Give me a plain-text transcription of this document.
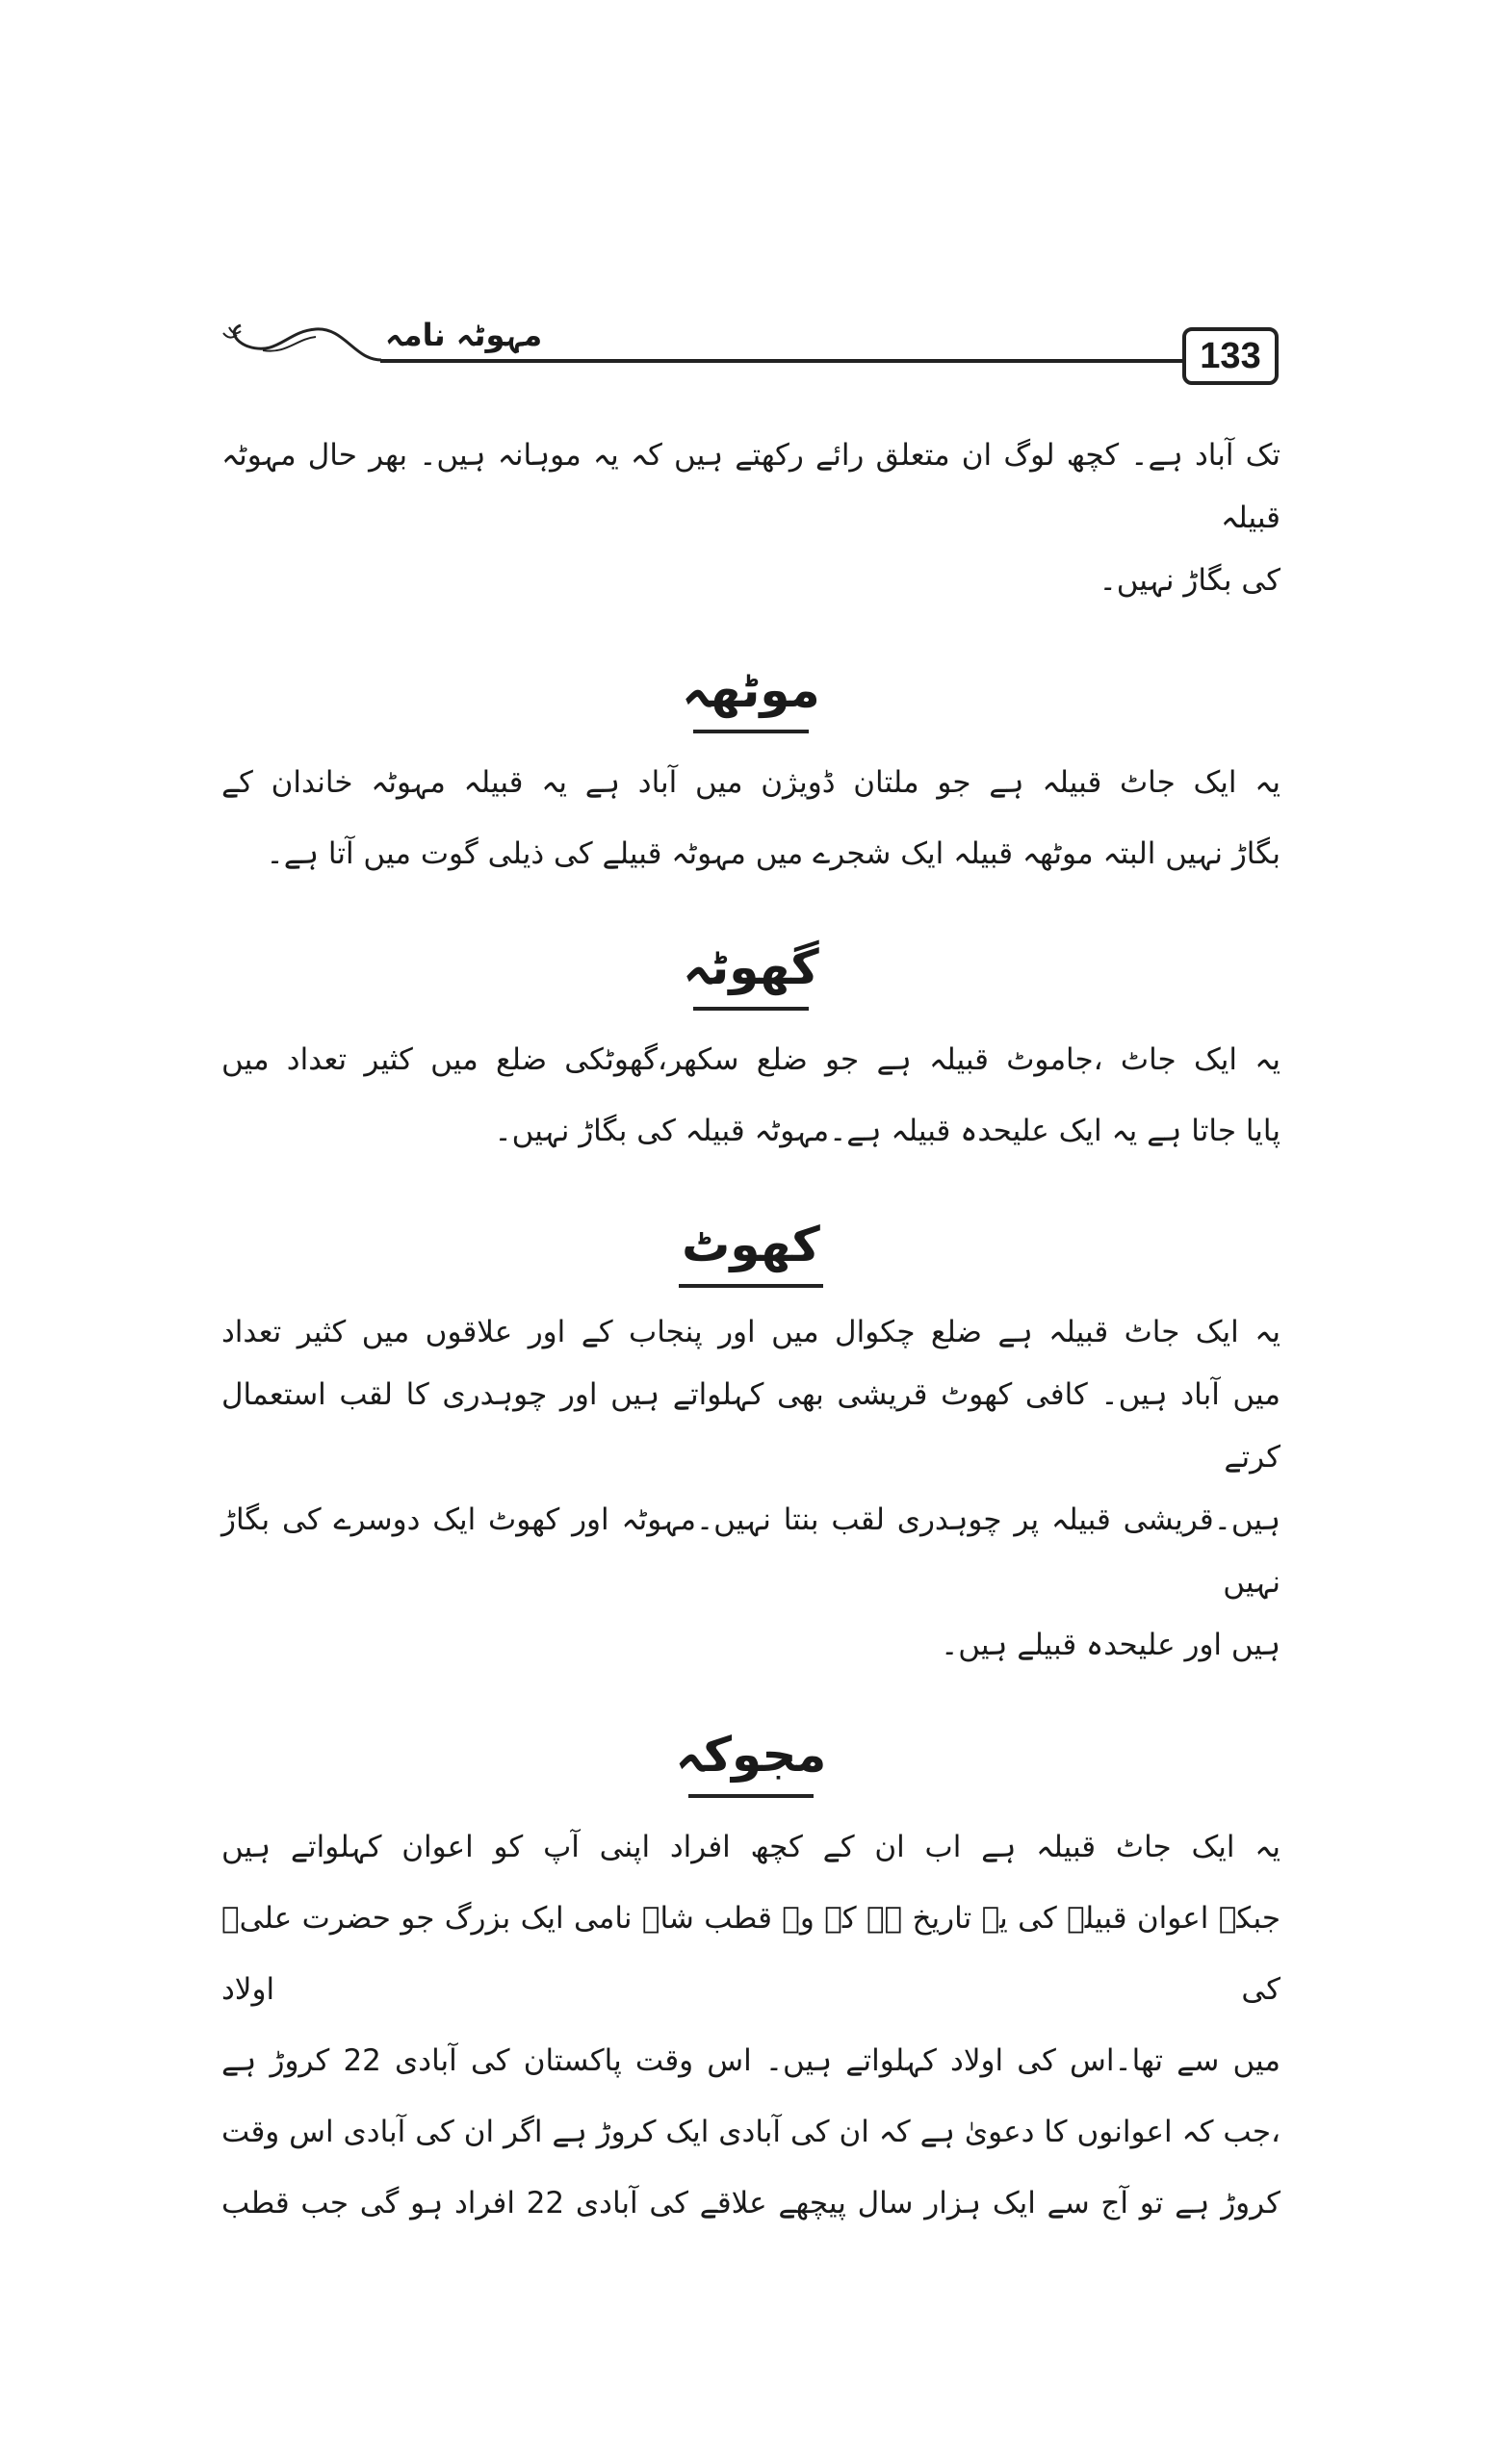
مہوٹہ نامہ
133
تک آباد ہے۔ کچھ لوگ ان متعلق رائے رکھتے ہیں کہ یہ موہانہ ہیں۔ بھر حال مہوٹہ قبیلہ
کی بگاڑ نہیں۔
موٹھہ
یہ ایک جاٹ قبیلہ ہے جو ملتان ڈویژن میں آباد ہے یہ قبیلہ مہوٹہ خاندان کے
بگاڑ نہیں البتہ موٹھہ قبیلہ ایک شجرے میں مہوٹہ قبیلے کی ذیلی گوت میں آتا ہے۔
گھوٹہ
یہ ایک جاٹ ،جاموٹ قبیلہ ہے جو ضلع سکھر،گھوٹکی ضلع میں کثیر تعداد میں
پایا جاتا ہے یہ ایک علیحدہ قبیلہ ہے۔مہوٹہ قبیلہ کی بگاڑ نہیں۔
کھوٹ
یہ ایک جاٹ قبیلہ ہے ضلع چکوال میں اور پنجاب کے اور علاقوں میں کثیر تعداد
میں آباد ہیں۔ کافی کھوٹ قریشی بھی کہلواتے ہیں اور چوہدری کا لقب استعمال کرتے
ہیں۔قریشی قبیلہ پر چوہدری لقب بنتا نہیں۔مہوٹہ اور کھوٹ ایک دوسرے کی بگاڑ نہیں
ہیں اور علیحدہ قبیلے ہیں۔
مجوکہ
یہ ایک جاٹ قبیلہ ہے اب ان کے کچھ افراد اپنی آپ کو اعوان کہلواتے ہیں
جبکہ اعوان قبیلے کی یہ تاریخ ہے کہ وہ قطب شاہ نامی ایک بزرگ جو حضرت علیؓ کی اولاد
میں سے تھا۔اس کی اولاد کہلواتے ہیں۔ اس وقت پاکستان کی آبادی 22 کروڑ ہے
،جب کہ اعوانوں کا دعویٰ ہے کہ ان کی آبادی ایک کروڑ ہے اگر ان کی آبادی اس وقت
کروڑ ہے تو آج سے ایک ہزار سال پیچھے علاقے کی آبادی 22 افراد ہو گی جب قطب
